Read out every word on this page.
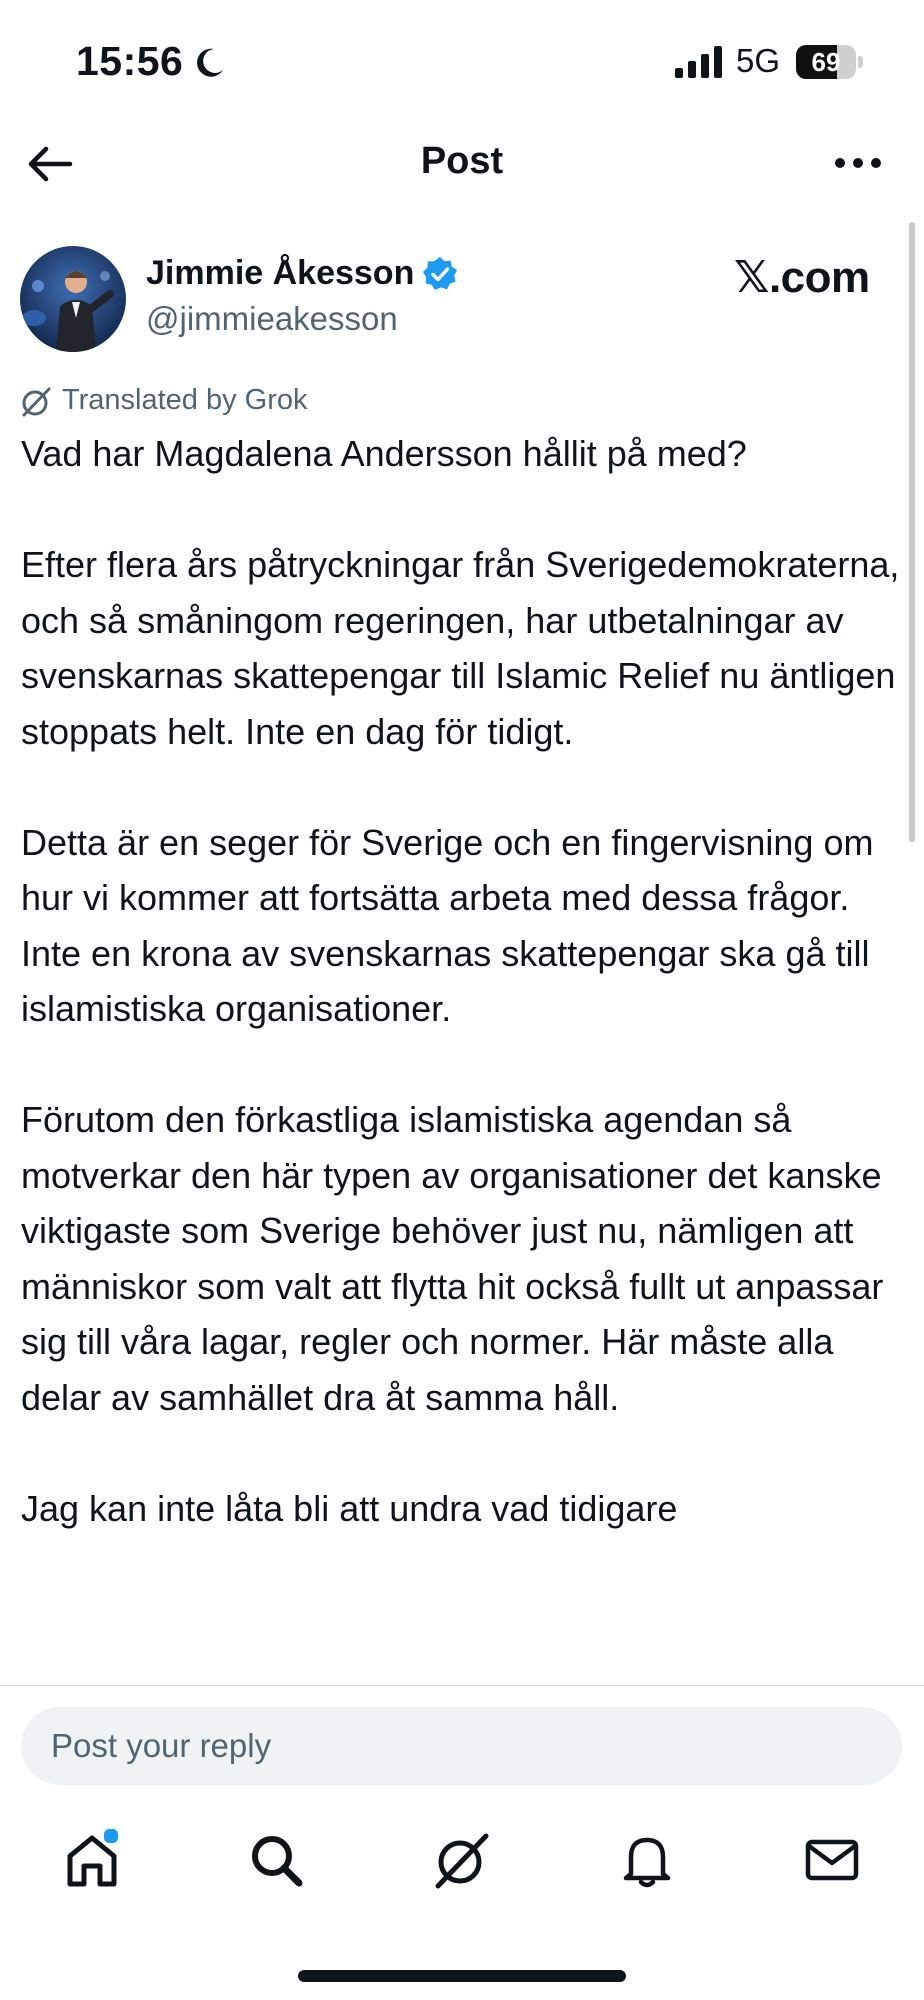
15:56	5G	69
Post
Jimmie Åkesson
@jimmieakesson
𝕏.com
Translated by Grok

Vad har Magdalena Andersson hållit på med?

Efter flera års påtryckningar från Sverigedemokraterna, och så småningom regeringen, har utbetalningar av svenskarnas skattepengar till Islamic Relief nu äntligen stoppats helt. Inte en dag för tidigt.

Detta är en seger för Sverige och en fingervisning om hur vi kommer att fortsätta arbeta med dessa frågor. Inte en krona av svenskarnas skattepengar ska gå till islamistiska organisationer.

Förutom den förkastliga islamistiska agendan så motverkar den här typen av organisationer det kanske viktigaste som Sverige behöver just nu, nämligen att människor som valt att flytta hit också fullt ut anpassar sig till våra lagar, regler och normer. Här måste alla delar av samhället dra åt samma håll.

Jag kan inte låta bli att undra vad tidigare

Post your reply
